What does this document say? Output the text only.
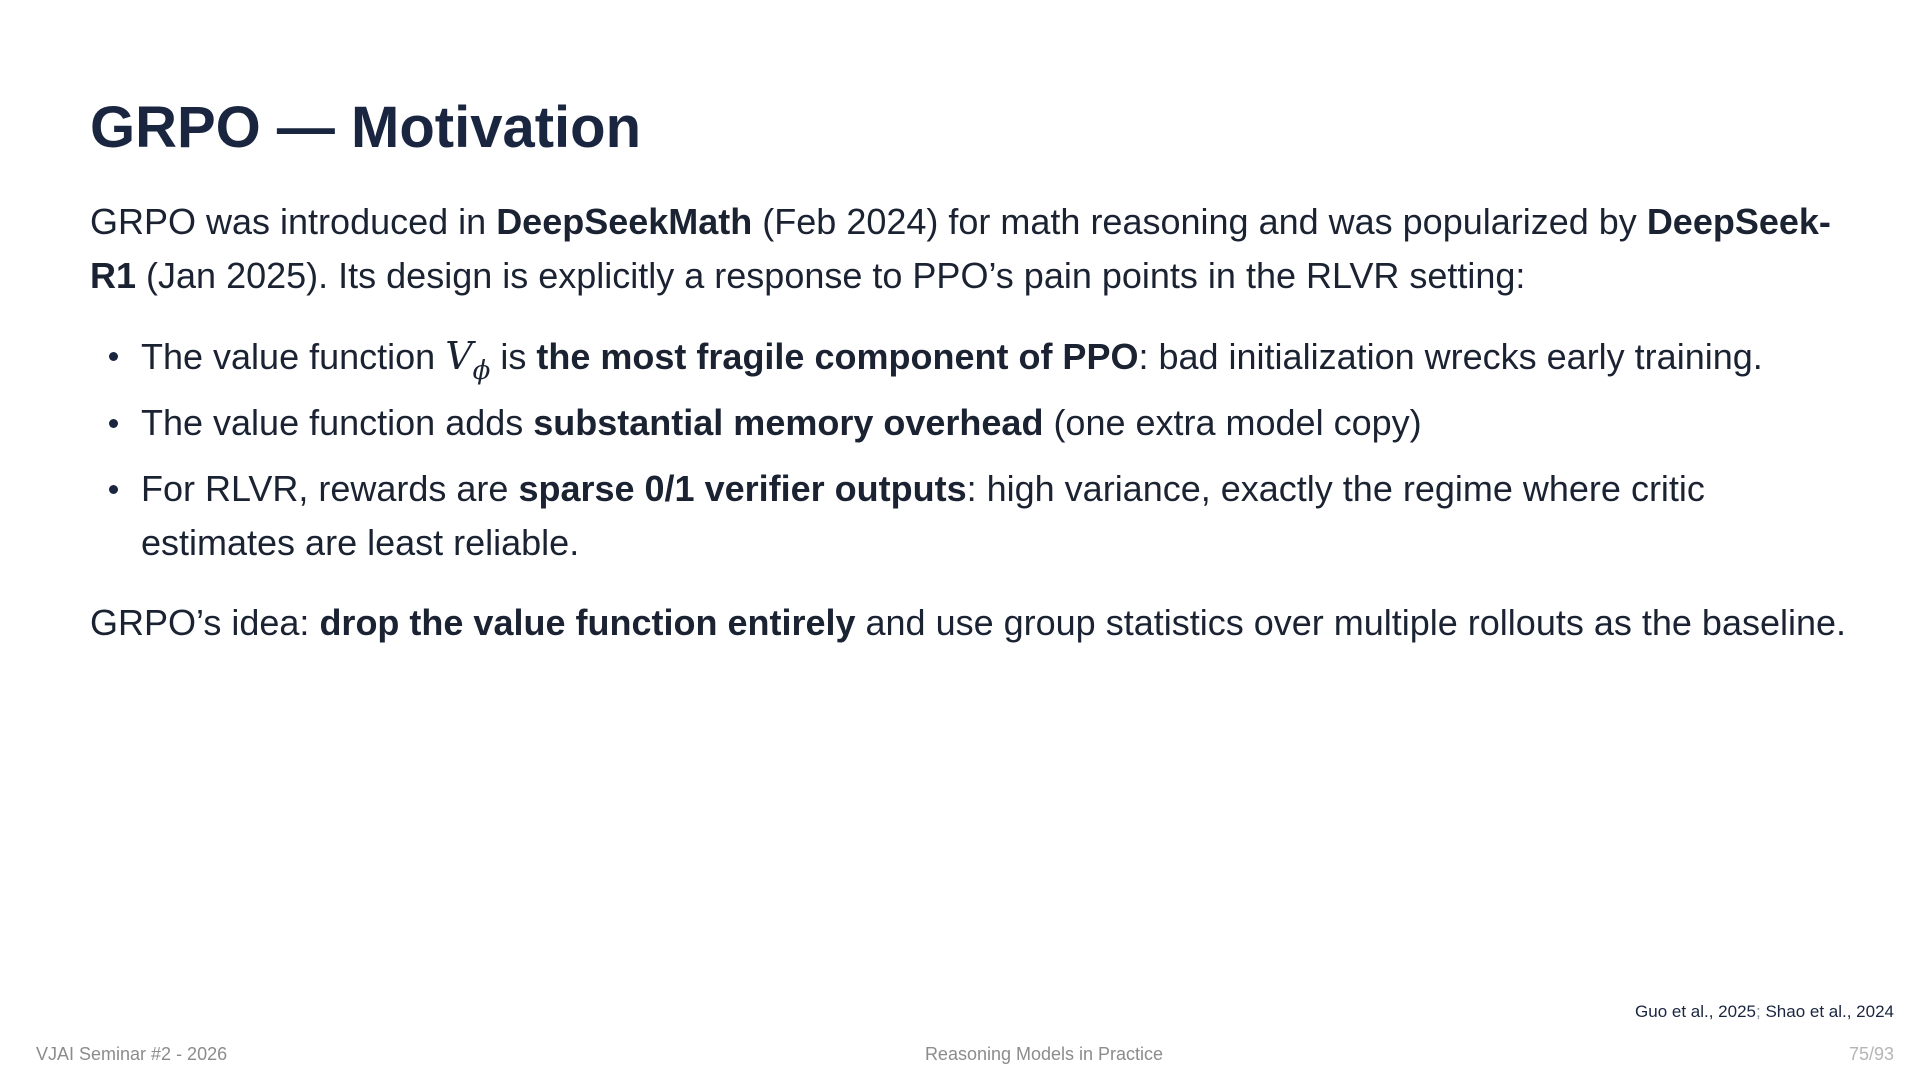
GRPO — Motivation

GRPO was introduced in DeepSeekMath (Feb 2024) for math reasoning and was popularized by DeepSeek-R1 (Jan 2025). Its design is explicitly a response to PPO’s pain points in the RLVR setting:

The value function $V_\phi$ is the most fragile component of PPO: bad initialization wrecks early training.
The value function adds substantial memory overhead (one extra model copy)
For RLVR, rewards are sparse 0/1 verifier outputs: high variance, exactly the regime where critic estimates are least reliable.

GRPO’s idea: drop the value function entirely and use group statistics over multiple rollouts as the baseline.

Guo et al., 2025; Shao et al., 2024
VJAI Seminar #2 - 2026	Reasoning Models in Practice	75/93
